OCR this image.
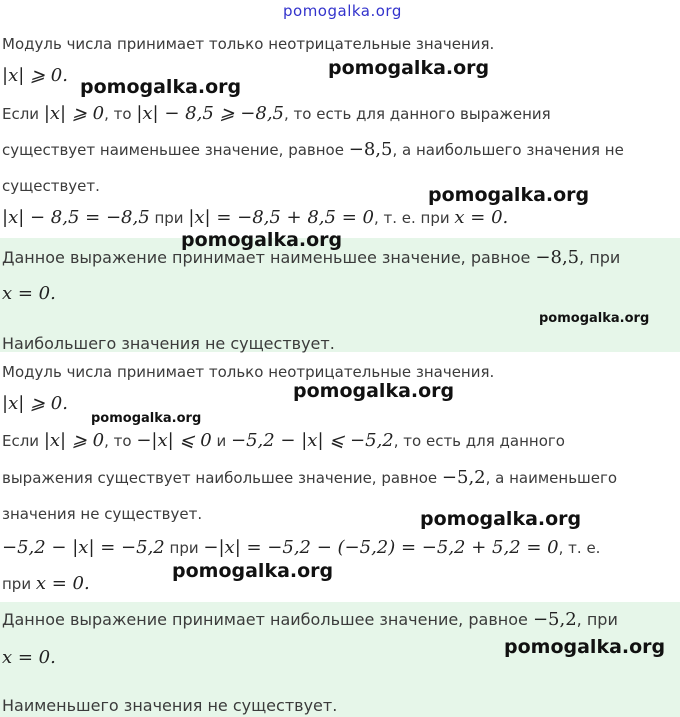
pomogalka.org
Модуль числа принимает только неотрицательные значения.
|x| ⩾ 0.
Если |x| ⩾ 0, то |x| − 8,5 ⩾ −8,5, то есть для данного выражения
существует наименьшее значение, равное −8,5, а наибольшего значения не
существует.
|x| − 8,5 = −8,5 при |x| = −8,5 + 8,5 = 0, т. е. при x = 0.
Данное выражение принимает наименьшее значение, равное −8,5, при
x = 0.
Наибольшего значения не существует.
Модуль числа принимает только неотрицательные значения.
|x| ⩾ 0.
Если |x| ⩾ 0, то −|x| ⩽ 0 и −5,2 − |x| ⩽ −5,2, то есть для данного
выражения существует наибольшее значение, равное −5,2, а наименьшего
значения не существует.
−5,2 − |x| = −5,2 при −|x| = −5,2 − (−5,2) = −5,2 + 5,2 = 0, т. е.
при x = 0.
Данное выражение принимает наибольшее значение, равное −5,2, при
x = 0.
Наименьшего значения не существует.
pomogalka.org
pomogalka.org
pomogalka.org
pomogalka.org
pomogalka.org
pomogalka.org
pomogalka.org
pomogalka.org
pomogalka.org
pomogalka.org
